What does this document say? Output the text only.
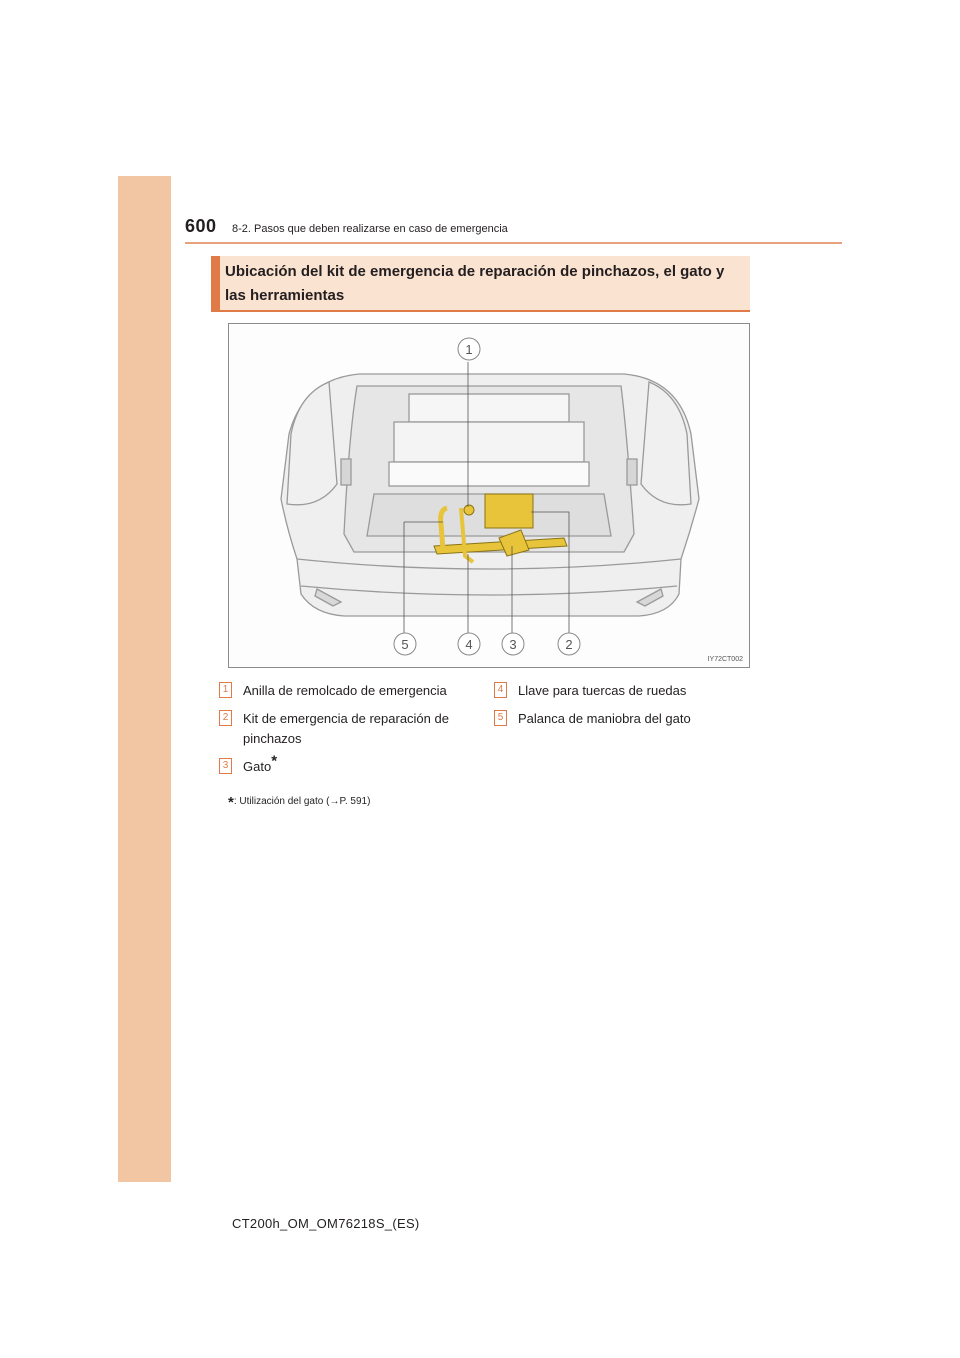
600 8-2. Pasos que deben realizarse en caso de emergencia
Ubicación del kit de emergencia de reparación de pinchazos, el gato y las herramientas
1
5	4	3	2
IY72CT002
1 Anilla de remolcado de emergencia
2 Kit de emergencia de reparación de pinchazos
3 Gato*
4 Llave para tuercas de ruedas
5 Palanca de maniobra del gato
*: Utilización del gato (→P. 591)
CT200h_OM_OM76218S_(ES)
